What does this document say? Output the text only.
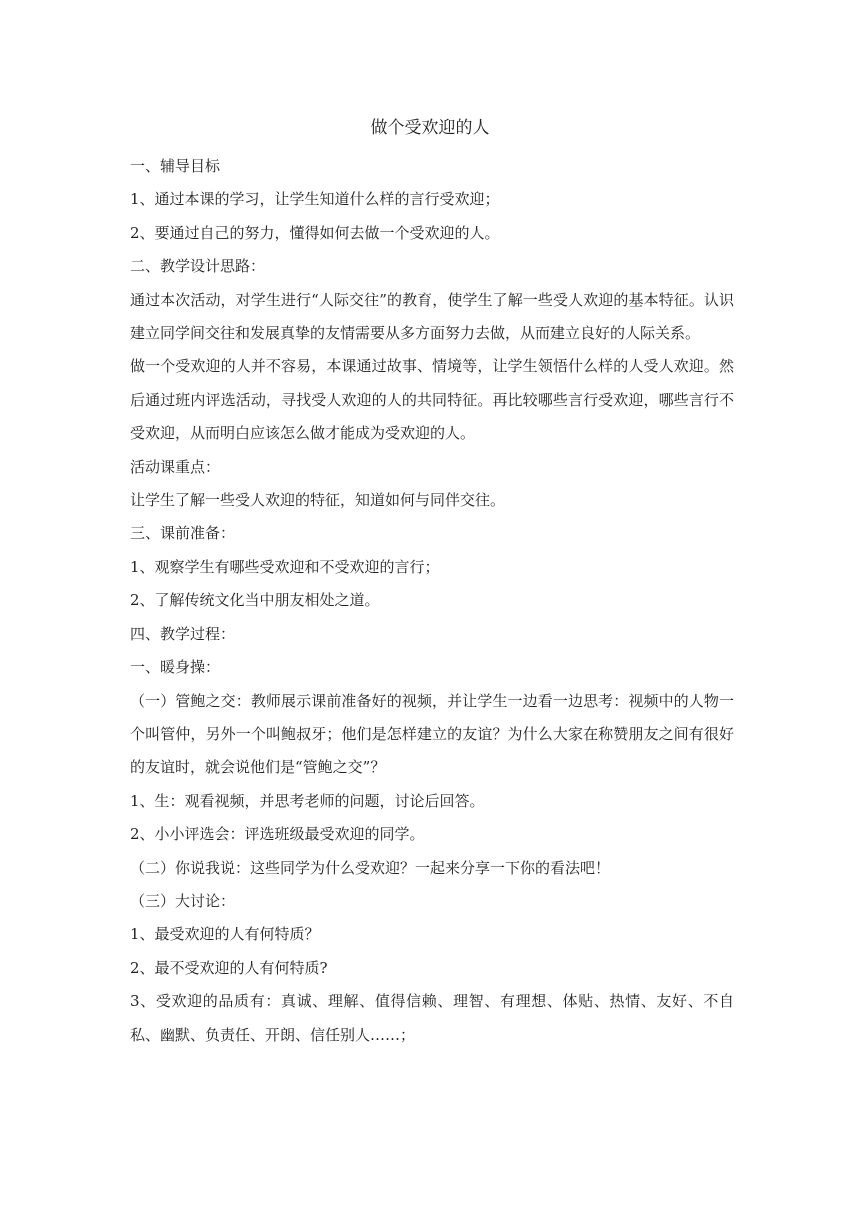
做个受欢迎的人

一、辅导目标

1、通过本课的学习，让学生知道什么样的言行受欢迎；

2、要通过自己的努力，懂得如何去做一个受欢迎的人。

二、教学设计思路：

通过本次活动，对学生进行“人际交往”的教育，使学生了解一些受人欢迎的基本特征。认识建立同学间交往和发展真挚的友情需要从多方面努力去做，从而建立良好的人际关系。

做一个受欢迎的人并不容易，本课通过故事、情境等，让学生领悟什么样的人受人欢迎。然后通过班内评选活动，寻找受人欢迎的人的共同特征。再比较哪些言行受欢迎，哪些言行不受欢迎，从而明白应该怎么做才能成为受欢迎的人。

活动课重点：

让学生了解一些受人欢迎的特征，知道如何与同伴交往。

三、课前准备：

1、观察学生有哪些受欢迎和不受欢迎的言行；

2、了解传统文化当中朋友相处之道。

四、教学过程：

一、暖身操：

（一）管鲍之交：教师展示课前准备好的视频，并让学生一边看一边思考：视频中的人物一个叫管仲，另外一个叫鲍叔牙；他们是怎样建立的友谊？为什么大家在称赞朋友之间有很好的友谊时，就会说他们是“管鲍之交”？

1、生：观看视频，并思考老师的问题，讨论后回答。

2、小小评选会：评选班级最受欢迎的同学。

（二）你说我说：这些同学为什么受欢迎？一起来分享一下你的看法吧！

（三）大讨论：

1、最受欢迎的人有何特质？

2、最不受欢迎的人有何特质?

3、受欢迎的品质有：真诚、理解、值得信赖、理智、有理想、体贴、热情、友好、不自私、幽默、负责任、开朗、信任别人……；
